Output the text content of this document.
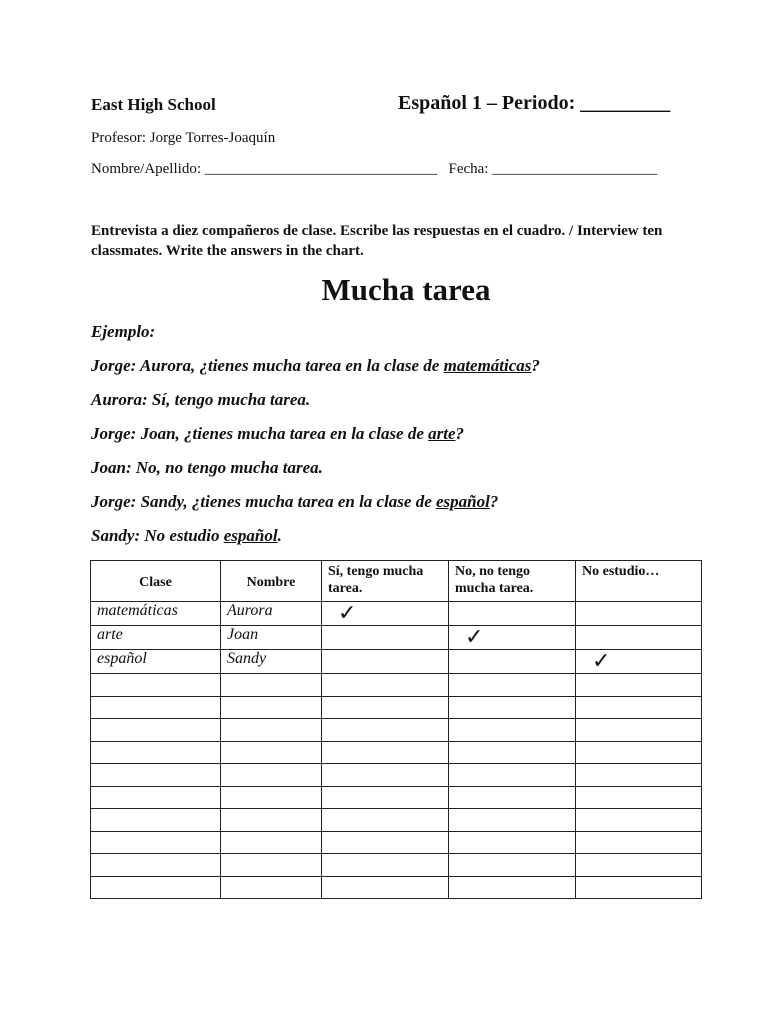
East High School	Español 1 – Periodo: _________
Profesor: Jorge Torres-Joaquín
Nombre/Apellido: _______________________________   Fecha: ______________________
Entrevista a diez compañeros de clase. Escribe las respuestas en el cuadro. / Interview ten classmates. Write the answers in the chart.
Mucha tarea
Ejemplo:
Jorge: Aurora, ¿tienes mucha tarea en la clase de matemáticas?
Aurora: Sí, tengo mucha tarea.
Jorge: Joan, ¿tienes mucha tarea en la clase de arte?
Joan: No, no tengo mucha tarea.
Jorge: Sandy, ¿tienes mucha tarea en la clase de español?
Sandy: No estudio español.
Clase	Nombre	Sí, tengo mucha tarea.	No, no tengo mucha tarea.	No estudio…
matemáticas	Aurora	✓		
arte	Joan		✓	
español	Sandy			✓
